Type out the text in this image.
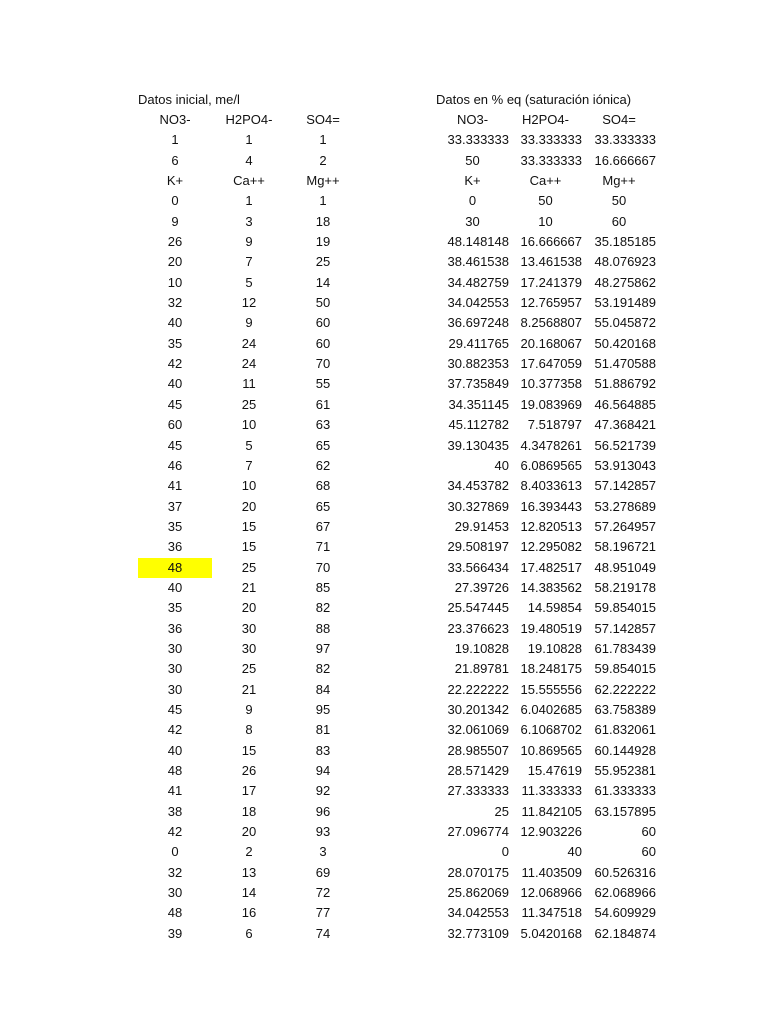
Datos inicial, me/l	Datos en % eq (saturación iónica)
NO3-
1
6
K+
0
9
26
20
10
32
40
35
42
40
45
60
45
46
41
37
35
36
48
40
35
36
30
30
30
45
42
40
48
41
38
42
0
32
30
48
39
H2PO4-
1
4
Ca++
1
3
9
7
5
12
9
24
24
11
25
10
5
7
10
20
15
15
25
21
20
30
30
25
21
9
8
15
26
17
18
20
2
13
14
16
6
SO4=
1
2
Mg++
1
18
19
25
14
50
60
60
70
55
61
63
65
62
68
65
67
71
70
85
82
88
97
82
84
95
81
83
94
92
96
93
3
69
72
77
74
NO3-
33.333333
50
K+
0
30
48.148148
38.461538
34.482759
34.042553
36.697248
29.411765
30.882353
37.735849
34.351145
45.112782
39.130435
40
34.453782
30.327869
29.91453
29.508197
33.566434
27.39726
25.547445
23.376623
19.10828
21.89781
22.222222
30.201342
32.061069
28.985507
28.571429
27.333333
25
27.096774
0
28.070175
25.862069
34.042553
32.773109
H2PO4-
33.333333
33.333333
Ca++
50
10
16.666667
13.461538
17.241379
12.765957
8.2568807
20.168067
17.647059
10.377358
19.083969
7.518797
4.3478261
6.0869565
8.4033613
16.393443
12.820513
12.295082
17.482517
14.383562
14.59854
19.480519
19.10828
18.248175
15.555556
6.0402685
6.1068702
10.869565
15.47619
11.333333
11.842105
12.903226
40
11.403509
12.068966
11.347518
5.0420168
SO4=
33.333333
16.666667
Mg++
50
60
35.185185
48.076923
48.275862
53.191489
55.045872
50.420168
51.470588
51.886792
46.564885
47.368421
56.521739
53.913043
57.142857
53.278689
57.264957
58.196721
48.951049
58.219178
59.854015
57.142857
61.783439
59.854015
62.222222
63.758389
61.832061
60.144928
55.952381
61.333333
63.157895
60
60
60.526316
62.068966
54.609929
62.184874
